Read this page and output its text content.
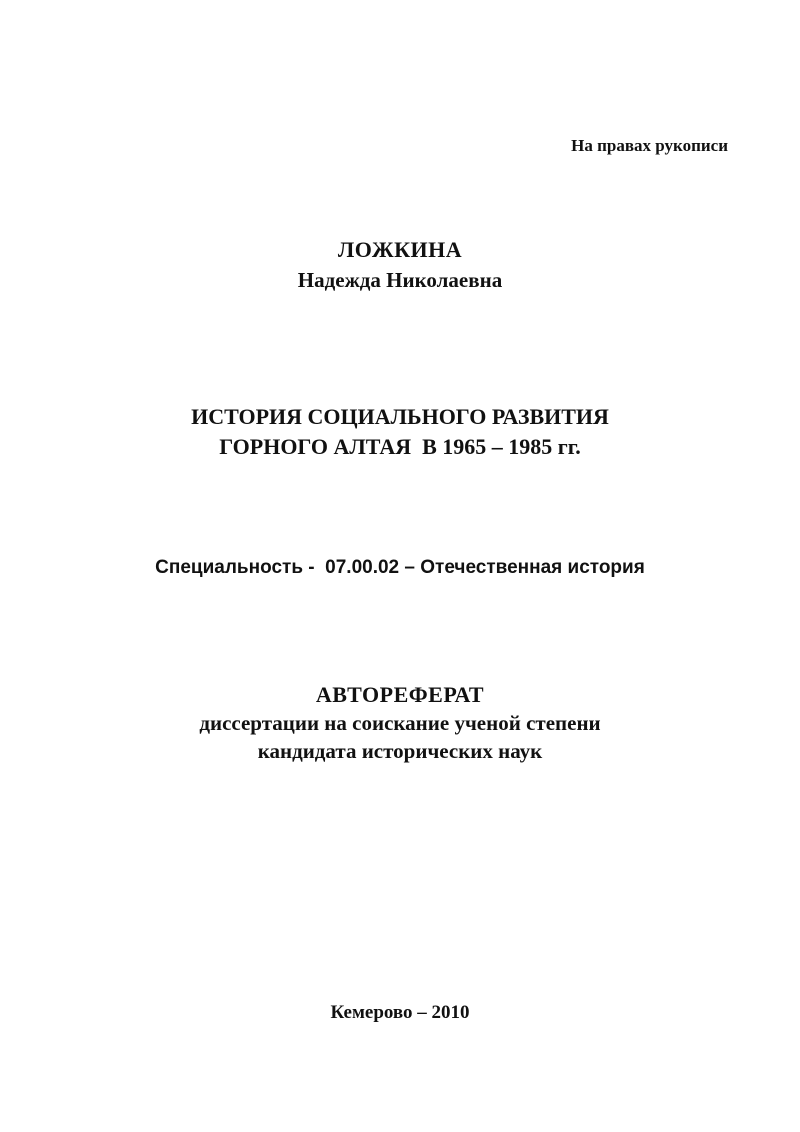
На правах рукописи
ЛОЖКИНА
Надежда Николаевна
ИСТОРИЯ СОЦИАЛЬНОГО РАЗВИТИЯ
ГОРНОГО АЛТАЯ  В 1965 – 1985 гг.
Специальность -  07.00.02 – Отечественная история
АВТОРЕФЕРАТ
диссертации на соискание ученой степени
кандидата исторических наук
Кемерово – 2010
